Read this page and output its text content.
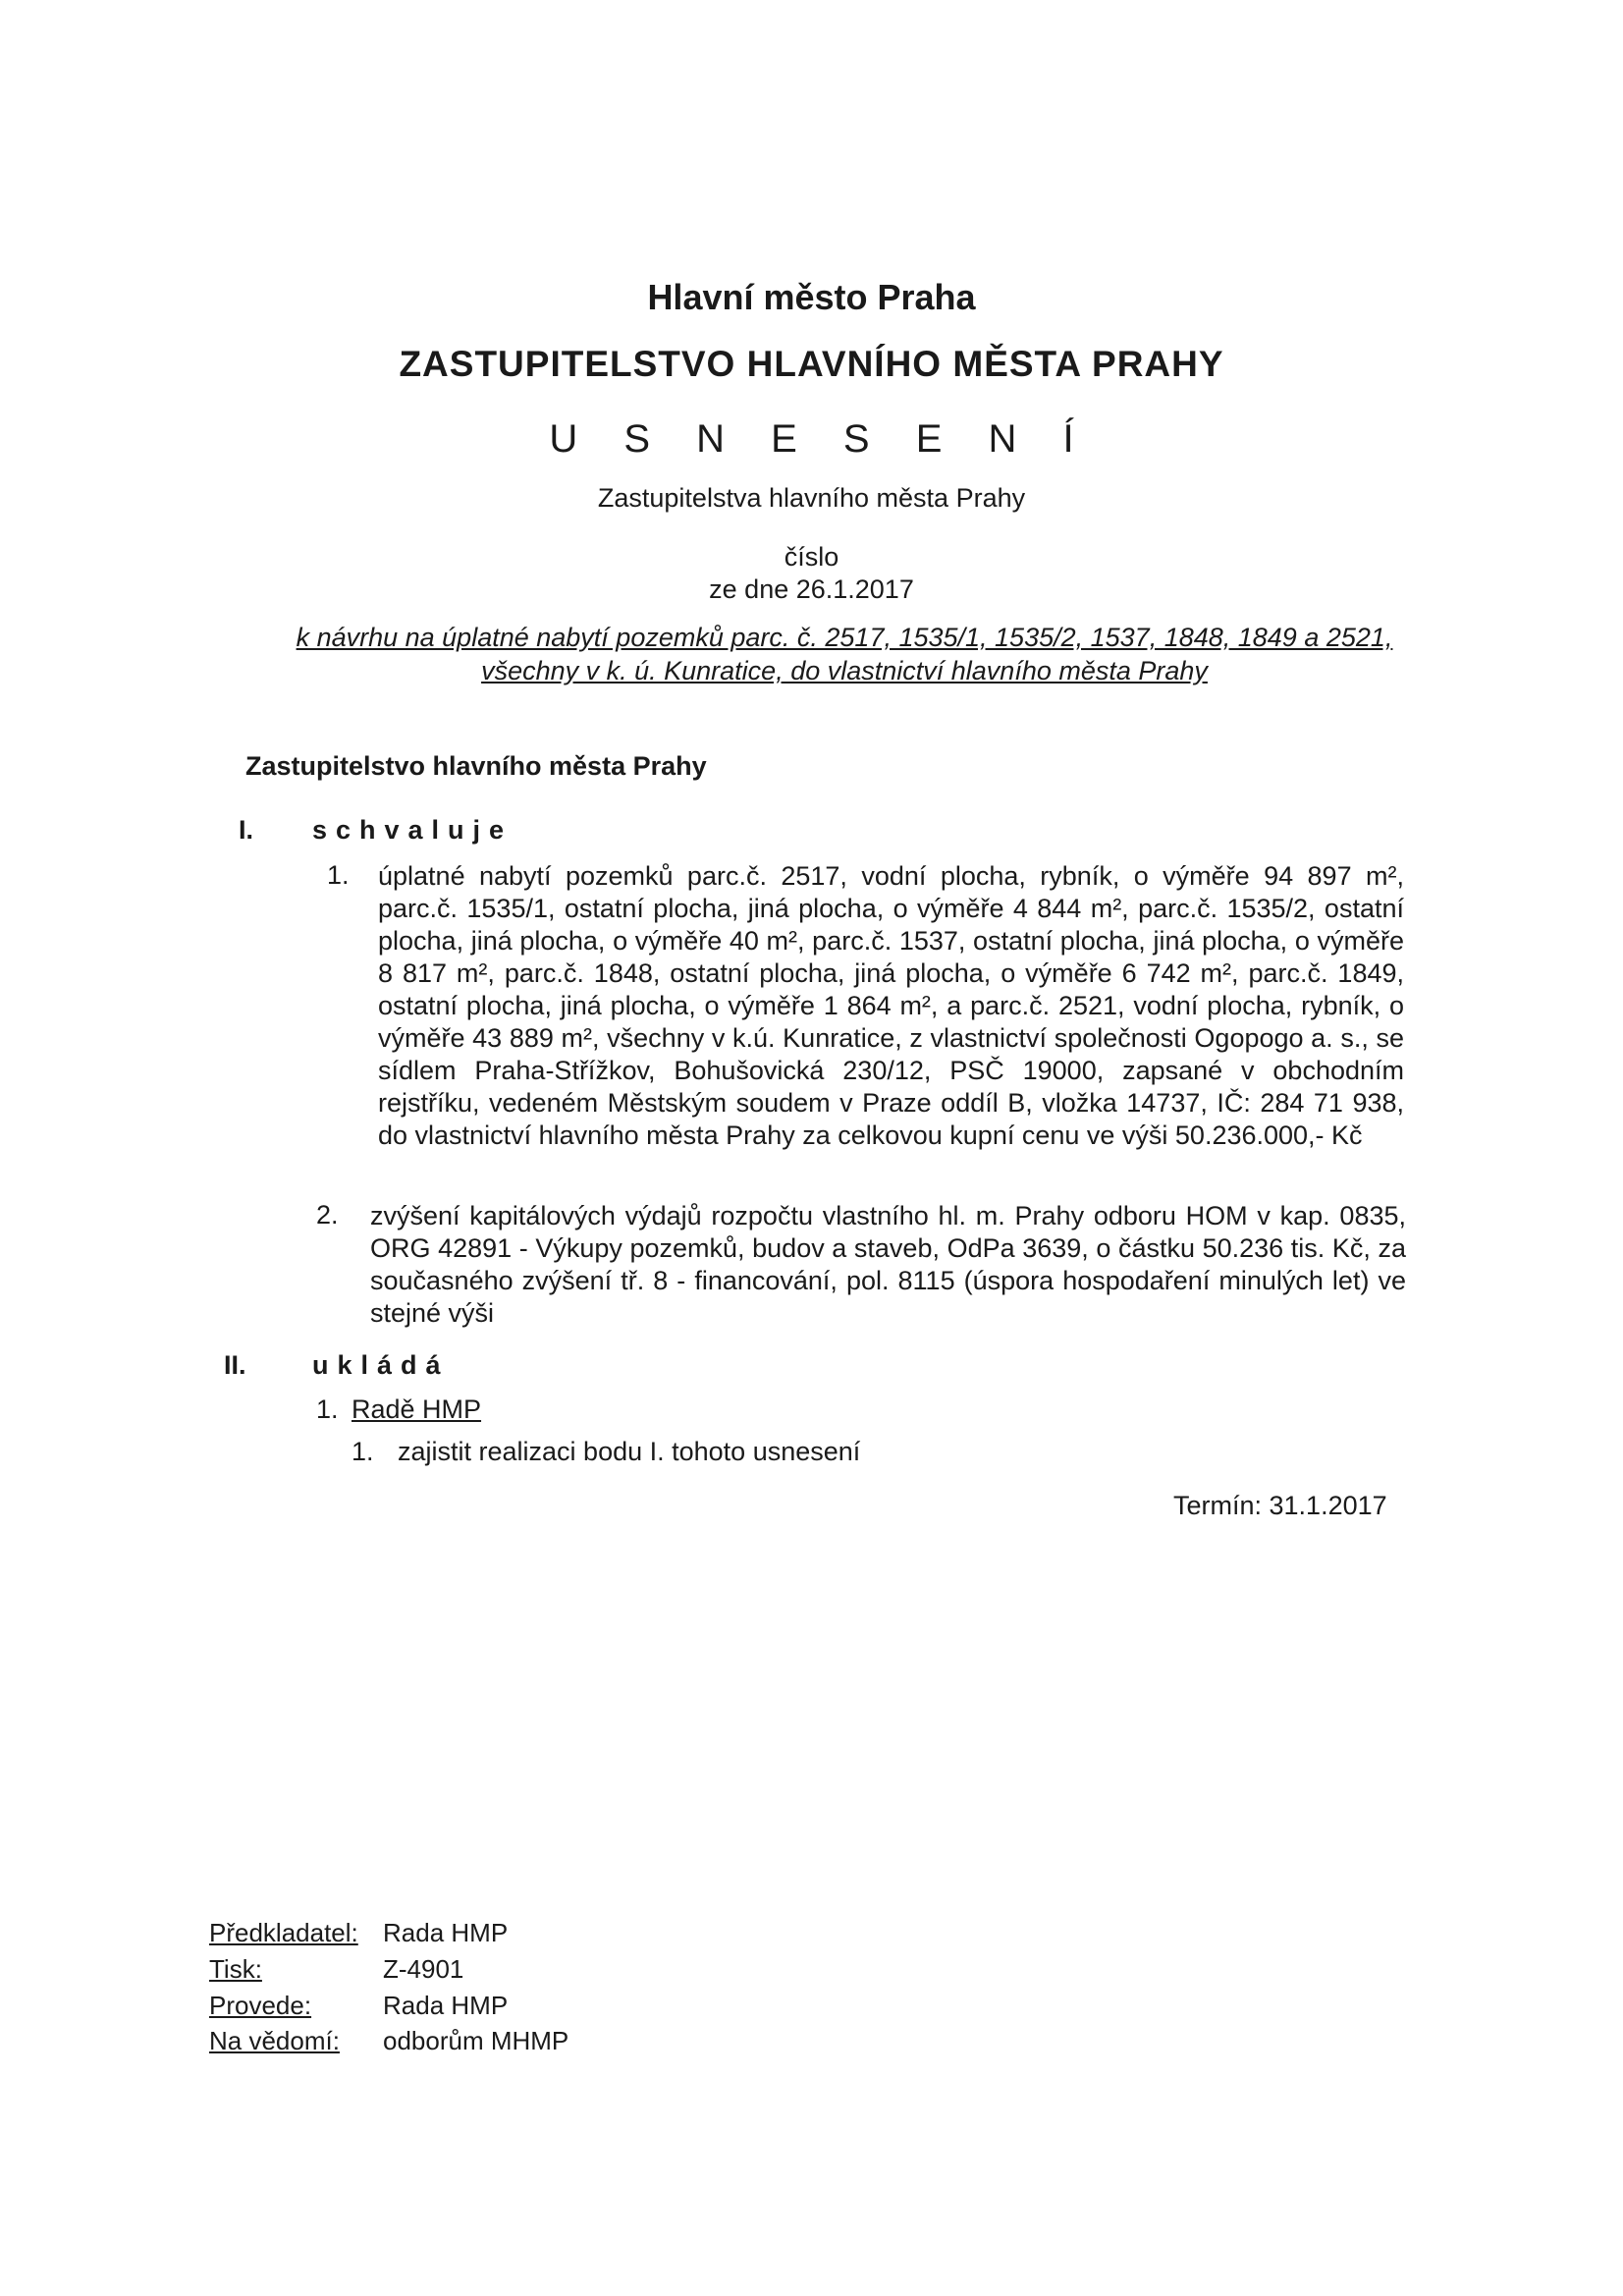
Hlavní město Praha
ZASTUPITELSTVO HLAVNÍHO MĚSTA PRAHY
U S N E S E N Í
Zastupitelstva hlavního města Prahy
číslo
ze dne 26.1.2017
k návrhu na úplatné nabytí pozemků parc. č. 2517, 1535/1, 1535/2, 1537, 1848, 1849 a 2521, všechny v k. ú. Kunratice, do vlastnictví hlavního města Prahy
Zastupitelstvo hlavního města Prahy
I. schvaluje
1. úplatné nabytí pozemků parc.č. 2517, vodní plocha, rybník, o výměře 94 897 m², parc.č. 1535/1, ostatní plocha, jiná plocha, o výměře 4 844 m², parc.č. 1535/2, ostatní plocha, jiná plocha, o výměře 40 m², parc.č. 1537, ostatní plocha, jiná plocha, o výměře 8 817 m², parc.č. 1848, ostatní plocha, jiná plocha, o výměře 6 742 m², parc.č. 1849, ostatní plocha, jiná plocha, o výměře 1 864 m², a parc.č. 2521, vodní plocha, rybník, o výměře 43 889 m², všechny v k.ú. Kunratice, z vlastnictví společnosti Ogopogo a. s., se sídlem Praha-Střížkov, Bohušovická 230/12, PSČ 19000, zapsané v obchodním rejstříku, vedeném Městským soudem v Praze oddíl B, vložka 14737, IČ: 284 71 938, do vlastnictví hlavního města Prahy za celkovou kupní cenu ve výši 50.236.000,- Kč
2. zvýšení kapitálových výdajů rozpočtu vlastního hl. m. Prahy odboru HOM v kap. 0835, ORG 42891 - Výkupy pozemků, budov a staveb, OdPa 3639, o částku 50.236 tis. Kč, za současného zvýšení tř. 8 - financování, pol. 8115 (úspora hospodaření minulých let) ve stejné výši
II. ukládá
1. Radě HMP
1. zajistit realizaci bodu I. tohoto usnesení
Termín: 31.1.2017
Předkladatel: Rada HMP
Tisk:	Z-4901
Provede:	Rada HMP
Na vědomí: odborům MHMP
